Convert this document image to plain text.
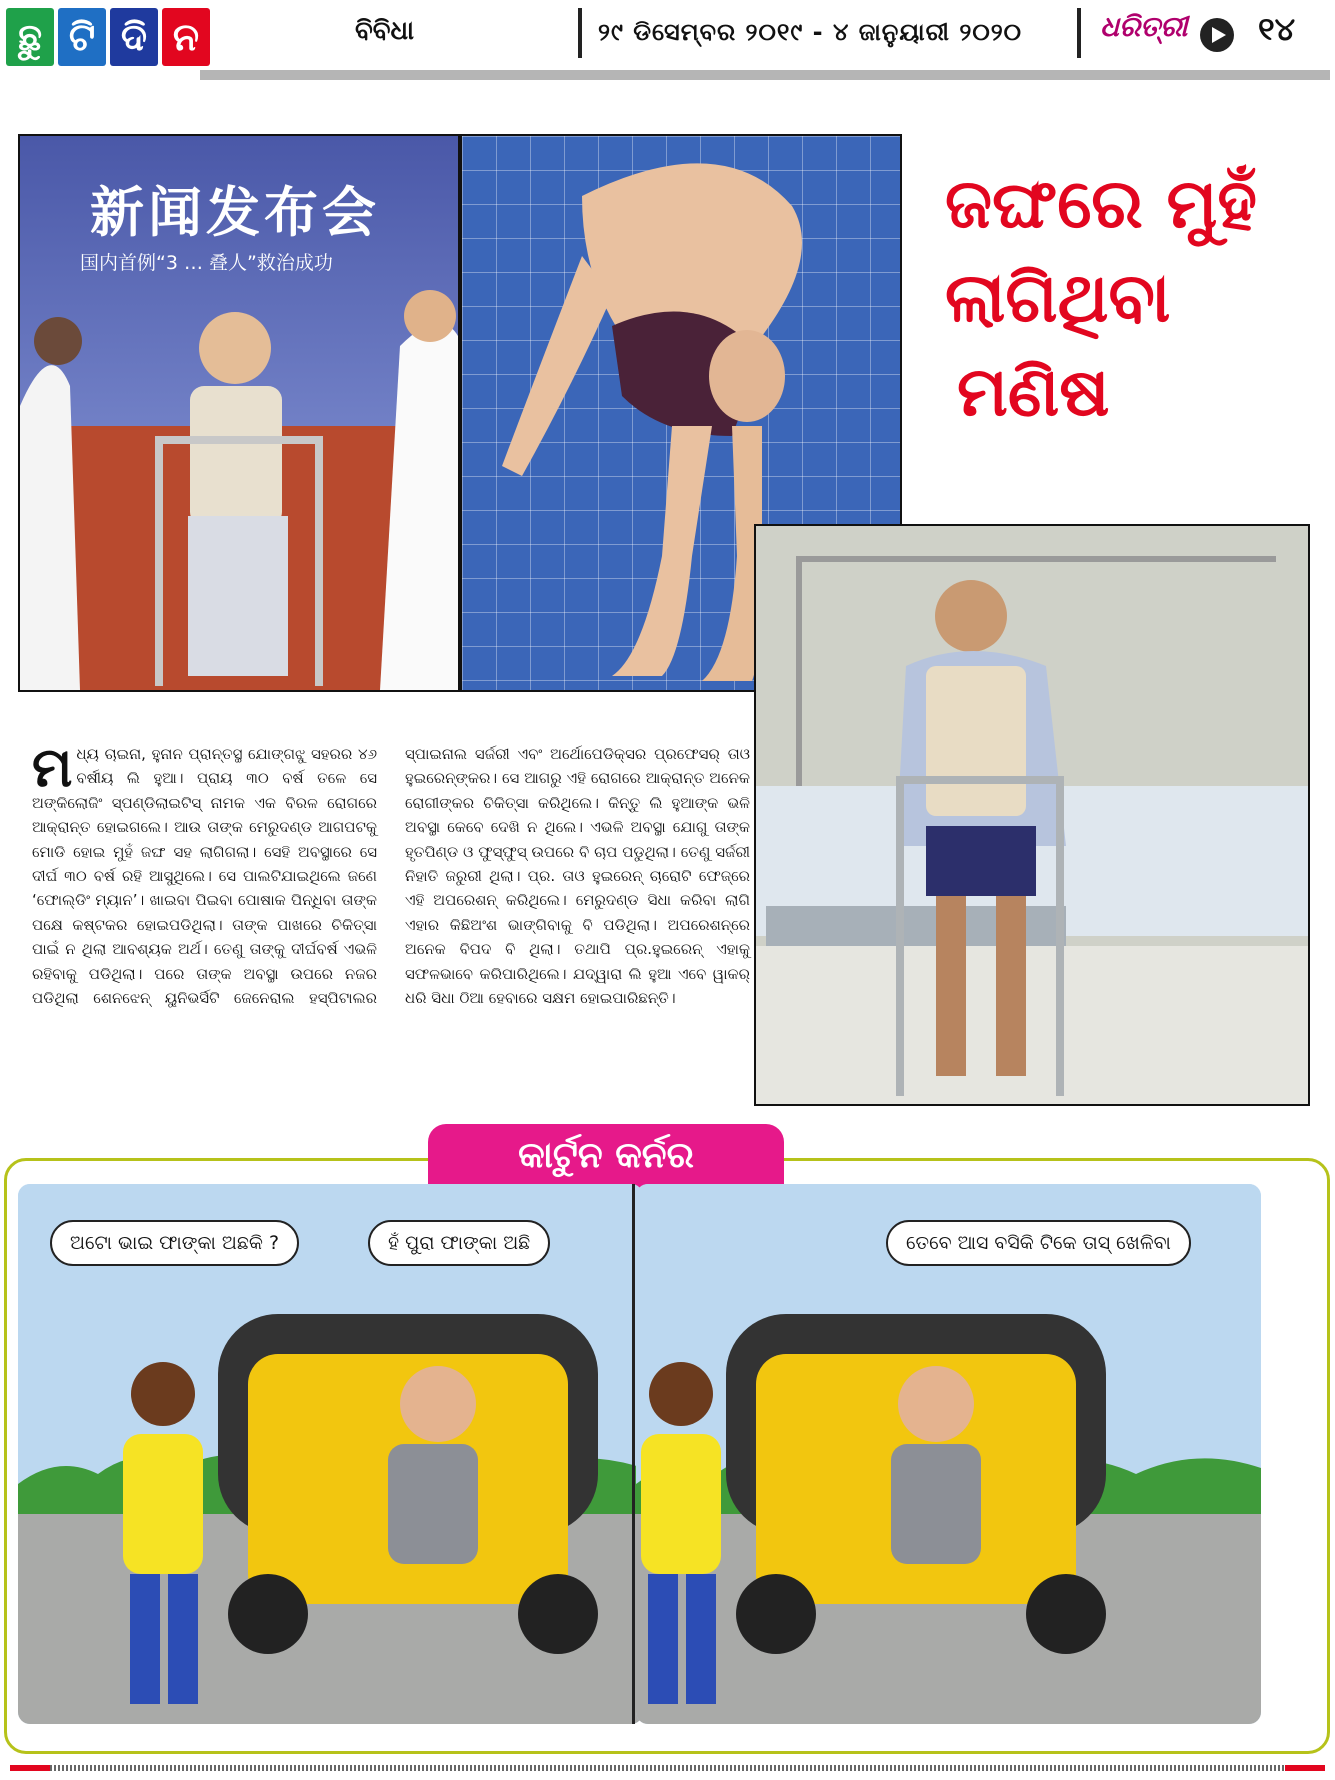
ଛୁ ଟି ଦି ନ	ବିବିଧା	୨୯ ଡିସେମ୍ବର ୨୦୧୯ - ୪ ଜାନୁୟାରୀ ୨୦୨୦	ଧରିତ୍ରୀ ୧୪
新闻发布会
国内首例“3 … 叠人”救治成功
ଜଙ୍ଘରେ ମୁହଁ
ଲାଗିଥିବା
ମଣିଷ
ମଧ୍ୟ ଚାଇନା, ହୁନାନ ପ୍ରାନ୍ତସ୍ଥ ଯୋଙ୍ଗଝୁ ସହରର ୪୬ ବର୍ଷୀୟ ଲି ହୁଆ। ପ୍ରାୟ ୩୦ ବର୍ଷ ତଳେ ସେ ଅଙ୍କିଲୋଜିଂ ସ୍ପଣ୍ଡିଲାଇଟିସ୍ ନାମକ ଏକ ବିରଳ ରୋଗରେ ଆକ୍ରାନ୍ତ ହୋଇଗଲେ। ଆଉ ତାଙ୍କ ମେରୁଦଣ୍ଡ ଆଗପଟକୁ ମୋଡି ହୋଇ ମୁହଁ ଜଙ୍ଘ ସହ ଲାଗିଗଲା। ସେହି ଅବସ୍ଥାରେ ସେ ଦୀର୍ଘ ୩୦ ବର୍ଷ ରହି ଆସୁଥିଲେ। ସେ ପାଲଟିଯାଇଥିଲେ ଜଣେ ‘ଫୋଲ୍ଡିଂ ମ୍ୟାନ’। ଖାଇବା ପିଇବା ପୋଷାକ ପିନ୍ଧିବା ତାଙ୍କ ପକ୍ଷେ କଷ୍ଟକର ହୋଇପଡିଥିଲା। ତାଙ୍କ ପାଖରେ ଚିକିତ୍ସା ପାଇଁ ନ ଥିଲା ଆବଶ୍ୟକ ଅର୍ଥ। ତେଣୁ ତାଙ୍କୁ ଦୀର୍ଘବର୍ଷ ଏଭଳି ରହିବାକୁ ପଡିଥିଲା। ପରେ ତାଙ୍କ ଅବସ୍ଥା ଉପରେ ନଜର ପଡିଥିଲା ଶେନଝେନ୍ ୟୁନିଭର୍ସିଟି ଜେନେରାଲ ହସ୍ପିଟାଲର ସ୍ପାଇନାଲ ସର୍ଜରୀ ଏବଂ ଅର୍ଥୋପେଡିକ୍ସର ପ୍ରଫେସର୍ ତାଓ ହୁଇରେନ୍‌ଙ୍କର। ସେ ଆଗରୁ ଏହି ରୋଗରେ ଆକ୍ରାନ୍ତ ଅନେକ ରୋଗୀଙ୍କର ଚିକିତ୍ସା କରିଥିଲେ। କିନ୍ତୁ ଲି ହୁଆଙ୍କ ଭଳି ଅବସ୍ଥା କେବେ ଦେଖି ନ ଥିଲେ। ଏଭଳି ଅବସ୍ଥା ଯୋଗୁ ତାଙ୍କ ହୃତପିଣ୍ଡ ଓ ଫୁସ୍‌ଫୁସ୍ ଉପରେ ବି ଚାପ ପଡୁଥିଲା। ତେଣୁ ସର୍ଜରୀ ନିହାତି ଜରୁରୀ ଥିଲା। ପ୍ର. ତାଓ ହୁଇରେନ୍ ଚାରୋଟି ଫେଜ୍‌ରେ ଏହି ଅପରେଶନ୍ କରିଥିଲେ। ମେରୁଦଣ୍ଡ ସିଧା କରିବା ଲାଗି ଏହାର କିଛିଅଂଶ ଭାଙ୍ଗିବାକୁ ବି ପଡିଥିଲା। ଅପରେଶନ୍‌ରେ ଅନେକ ବିପଦ ବି ଥିଲା। ତଥାପି ପ୍ର.ହୁଇରେନ୍ ଏହାକୁ ସଫଳଭାବେ କରିପାରିଥିଲେ। ଯଦ୍ୱାରା ଲି ହୁଆ ଏବେ ୱାକର୍ ଧରି ସିଧା ଠିଆ ହେବାରେ ସକ୍ଷମ ହୋଇପାରିଛନ୍ତି।
କାର୍ଟୁନ କର୍ନର
ଅଟୋ ଭାଇ ଫାଙ୍କା ଅଛକି ?	ହଁ ପୁରା ଫାଙ୍କା ଅଛି	ତେବେ ଆସ ବସିକି ଟିକେ ତାସ୍ ଖେଳିବା
